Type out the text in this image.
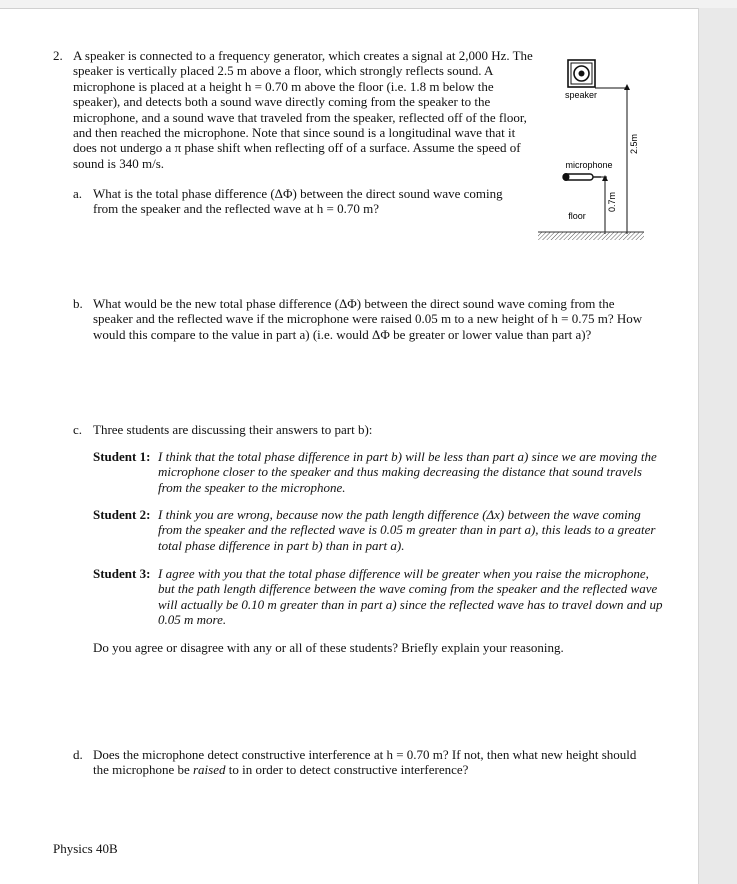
2. A speaker is connected to a frequency generator, which creates a signal at 2,000 Hz. The speaker is vertically placed 2.5 m above a floor, which strongly reflects sound. A microphone is placed at a height h = 0.70 m above the floor (i.e. 1.8 m below the speaker), and detects both a sound wave directly coming from the speaker to the microphone, and a sound wave that traveled from the speaker, reflected off of the floor, and then reached the microphone. Note that since sound is a longitudinal wave that it does not undergo a π phase shift when reflecting off of a surface. Assume the speed of sound is 340 m/s.

speaker
2.5m
microphone
0.7m
floor
a. What is the total phase difference (ΔΦ) between the direct sound wave coming from the speaker and the reflected wave at h = 0.70 m?

b. What would be the new total phase difference (ΔΦ) between the direct sound wave coming from the speaker and the reflected wave if the microphone were raised 0.05 m to a new height of h = 0.75 m? How would this compare to the value in part a) (i.e. would ΔΦ be greater or lower value than part a)?

c. Three students are discussing their answers to part b):

Student 1: I think that the total phase difference in part b) will be less than part a) since we are moving the microphone closer to the speaker and thus making decreasing the distance that sound travels from the speaker to the microphone.

Student 2: I think you are wrong, because now the path length difference (Δx) between the wave coming from the speaker and the reflected wave is 0.05 m greater than in part a), this leads to a greater total phase difference in part b) than in part a).

Student 3: I agree with you that the total phase difference will be greater when you raise the microphone, but the path length difference between the wave coming from the speaker and the reflected wave will actually be 0.10 m greater than in part a) since the reflected wave has to travel down and up 0.05 m more.

Do you agree or disagree with any or all of these students? Briefly explain your reasoning.

d. Does the microphone detect constructive interference at h = 0.70 m? If not, then what new height should the microphone be raised to in order to detect constructive interference?

Physics 40B
